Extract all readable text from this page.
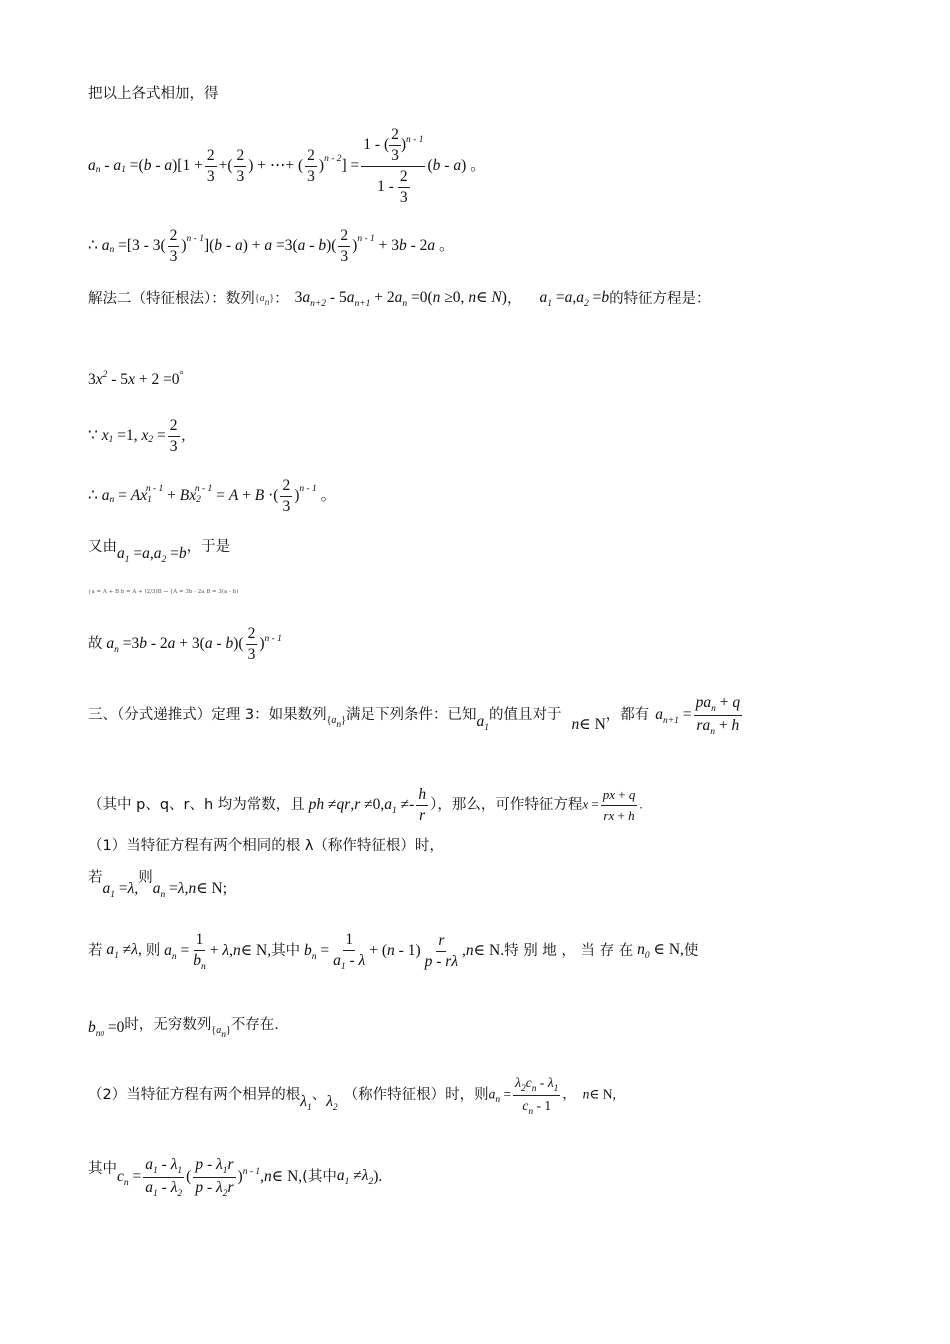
把以上各式相加，得
a n - a 1 =( b - a )[$1 + \frac{2}{3}$ +( $\frac{2}{3}$ ) + ⋯+ ( $\frac{2}{3}$ ) n - 2 ] = $\frac{1 - ( \frac{2}{3} )^{n - 1}}{1 - \frac{2}{3}}$ ( b - a ) 。
∴
a $n =[3 - 3( \frac{2}{3}$ ) n - 1 ]( b - a ) + a =3( a - b )( $\frac{2}{3}$ ) n - 1 + 3 b - 2 a 。
解法二（特征根法）：数列 {an} ： $3a_{n+2} - 5a_{n+1} + 2a_n =0(n \ge 0$, n∈ N) ， $a_1 =a,a_2 =b$ 的特征方程是：
$3x^2 - 5x + 2 =0^\circ$
∵
x 1 =1, x $2 = \frac{2}{3}$ ,
∴
a n = Ax 1
n - 1 + Bx 2
n - 1 = A + B ·( $\frac{2}{3}$ ) n - 1 。
又由 $a_1 =a,a_2 =b$ ，于是
{a = A + B b = A + (2/3)B → {A = 3b - 2a B = 3(a - b)
故 $a_n =3b - 2a + 3(a - b)( \frac{2}{3} )^{n - 1}$
三、（分式递推式）定理 3：如果数列 {an} 满足下列条件：已知 $a_1$
的值且对于
n∈ N
，都有 $a_{n+1} = \frac{pa_n + q}{ra_n + h}$
（其中 p、q、r、h 均为常数，且 ph $\ne qr,r \ne 0,a_1 \ne- \frac{h}{r}$ ），那么，可作特征方程 $x = \frac{px + q}{rx + h}$ .
（1）当特征方程有两个相同的根 λ（称作特征根）时，
若
$a_1 =\lambda$,
则
$a_n$ =λ,n∈ N;
若 $a_1 \ne\lambda$, 则 $a_n = \frac{1}{b_n}$ + λ,n∈ N, 其中 $b_n = \frac{1}{a_1 - \lambda} + (n - 1) \frac{r}{p - r\lambda}$ ,n∈ N. 特 别 地 ， 当 存 在 $n_0$ ∈ N, 使
$b_{n0} =0$ 时，无穷数列 {an} 不存在.
（2）当特征方程有两个相异的根 $\lambda_1$
、 $\lambda_2$
（称作特征根）时，则 $a_n = \frac{\lambda_2c_n - \lambda_1}{c_n - 1}$ ，  n∈ N,
其中 $c_n = \frac{a_1 - \lambda_1}{a_1 - \lambda_2}$ ( $\frac{p - \lambda_1r}{p - \lambda_2r}$ )$^{n - 1}$,n∈ N, (其中 $a_1 \ne\lambda_2$ ).
